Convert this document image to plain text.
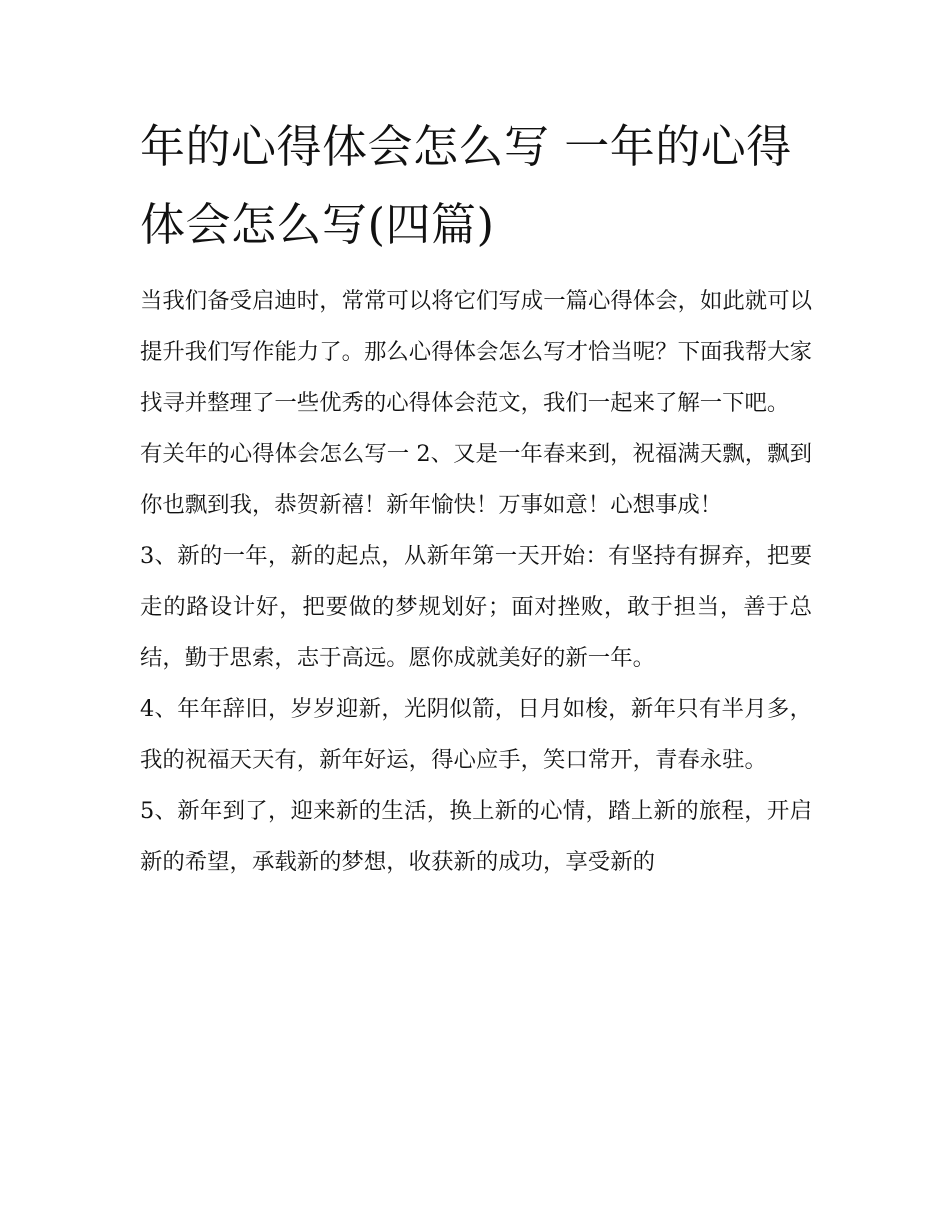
年的心得体会怎么写 一年的心得体会怎么写(四篇)

当我们备受启迪时，常常可以将它们写成一篇心得体会，如此就可以提升我们写作能力了。那么心得体会怎么写才恰当呢？下面我帮大家找寻并整理了一些优秀的心得体会范文，我们一起来了解一下吧。

有关年的心得体会怎么写一 2、又是一年春来到，祝福满天飘，飘到你也飘到我，恭贺新禧！新年愉快！万事如意！心想事成！

3、新的一年，新的起点，从新年第一天开始：有坚持有摒弃，把要走的路设计好，把要做的梦规划好；面对挫败，敢于担当，善于总结，勤于思索，志于高远。愿你成就美好的新一年。

4、年年辞旧，岁岁迎新，光阴似箭，日月如梭，新年只有半月多，我的祝福天天有，新年好运，得心应手，笑口常开，青春永驻。

5、新年到了，迎来新的生活，换上新的心情，踏上新的旅程，开启新的希望，承载新的梦想，收获新的成功，享受新的
